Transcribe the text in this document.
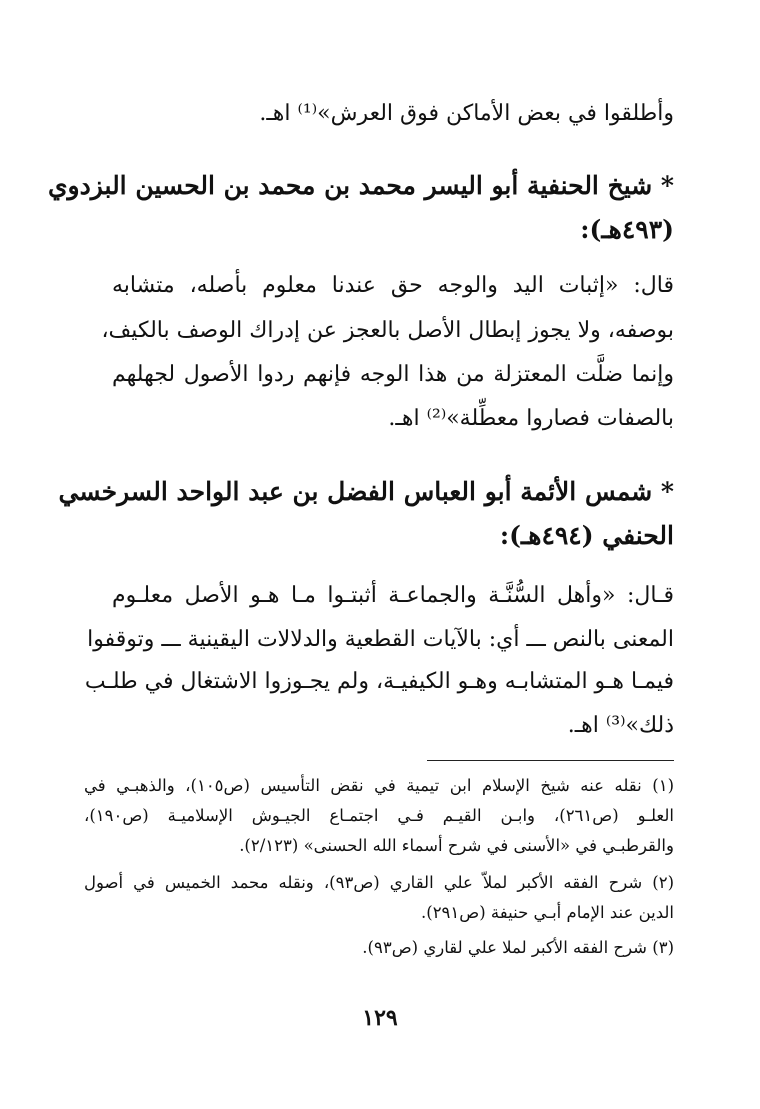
وأطلقوا في بعض الأماكن فوق العرش»⁽¹⁾ اهـ.
* شيخ الحنفية أبو اليسر محمد بن محمد بن الحسين البزدوي
(٤٩٣هـ):
قال: «إثبات اليد والوجه حق عندنا معلوم بأصله، متشابه
بوصفه، ولا يجوز إبطال الأصل بالعجز عن إدراك الوصف بالكيف،
وإنما ضلَّت المعتزلة من هذا الوجه فإنهم ردوا الأصول لجهلهم
بالصفات فصاروا معطِّلة»⁽²⁾ اهـ.
* شمس الأئمة أبو العباس الفضل بن عبد الواحد السرخسي
الحنفي (٤٩٤هـ):
قـال: «وأهل السُّنَّـة والجماعـة أثبتـوا مـا هـو الأصل معلـوم
المعنى بالنص ـــ أي: بالآيات القطعية والدلالات اليقينية ـــ وتوقفوا
فيمـا هـو المتشابـه وهـو الكيفيـة، ولم يجـوزوا الاشتغال في طلـب
ذلك»⁽³⁾ اهـ.
(١) نقله عنه شيخ الإسلام ابن تيمية في نقض التأسيس (ص١٠٥)، والذهبـي في
العلـو (ص٢٦١)، وابـن القيـم فـي اجتمـاع الجيـوش الإسلاميـة (ص١٩٠)،
والقرطبـي في «الأسنى في شرح أسماء الله الحسنى» (٢/١٢٣).
(٢) شرح الفقه الأكبر لملاّ علي القاري (ص٩٣)، ونقله محمد الخميس في أصول
الدين عند الإمام أبـي حنيفة (ص٢٩١).
(٣) شرح الفقه الأكبر لملا علي لقاري (ص٩٣).
١٢٩
